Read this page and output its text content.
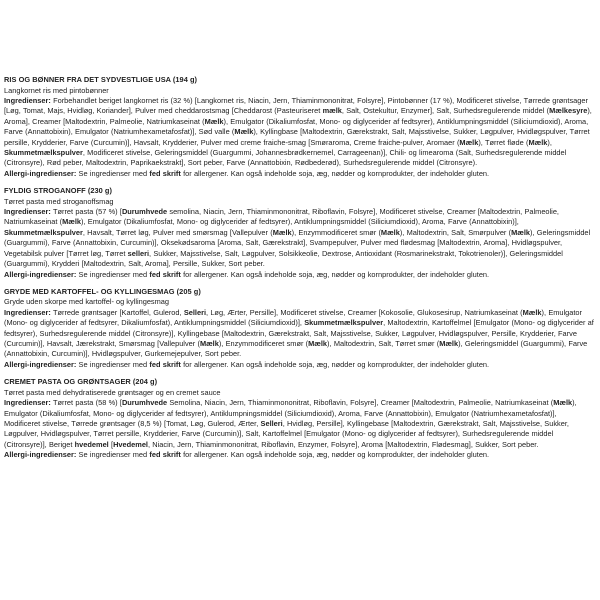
RIS OG BØNNER FRA DET SYDVESTLIGE USA (194 g)
Langkornet ris med pintobønner
Ingredienser: Forbehandlet beriget langkornet ris (32 %) [Langkornet ris, Niacin, Jern, Thiaminmononitrat, Folsyre], Pintobønner (17 %), Modificeret stivelse, Tørrede grøntsager [Løg, Tomat, Majs, Hvidløg, Koriander], Pulver med cheddarostsmag [Cheddarost (Pasteuriseret mælk, Salt, Ostekultur, Enzymer], Salt, Surhedsregulerende middel (Mælkesyre), Aroma], Creamer [Maltodextrin, Palmeolie, Natriumkaseinat (Mælk), Emulgator (Dikaliumfosfat, Mono- og diglycerider af fedtsyrer), Antiklumpningsmiddel (Siliciumdioxid), Aroma, Farve (Annattobixin), Emulgator (Natriumhexametafosfat)], Sød valle (Mælk), Kyllingbase [Maltodextrin, Gærekstrakt, Salt, Majsstivelse, Sukker, Løgpulver, Hvidløgspulver, Tørret persille, Krydderier, Farve (Curcumin)], Havsalt, Krydderier, Pulver med creme fraiche-smag [Smøraroma, Creme fraiche-pulver, Aromaer (Mælk), Tørret fløde (Mælk), Skummetmælkspulver, Modificeret stivelse, Geleringsmiddel (Guargummi, Johannesbrødkernemel, Carrageenan)], Chili- og limearoma (Salt, Surhedsregulerende middel (Citronsyre), Rød peber, Maltodextrin, Paprikaekstrakt], Sort peber, Farve (Annattobixin, Rødbederød), Surhedsregulerende middel (Citronsyre).
Allergi-ingredienser: Se ingredienser med fed skrift for allergener. Kan også indeholde soja, æg, nødder og kornprodukter, der indeholder gluten.
FYLDIG STROGANOFF (230 g)
Tørret pasta med stroganoffsmag
Ingredienser: Tørret pasta (57 %) [Durumhvede semolina, Niacin, Jern, Thiaminmononitrat, Riboflavin, Folsyre], Modificeret stivelse, Creamer [Maltodextrin, Palmeolie, Natriumkaseinat (Mælk), Emulgator (Dikaliumfosfat, Mono- og diglycerider af fedtsyrer), Antiklumpningsmiddel (Siliciumdioxid), Aroma, Farve (Annattobixin)], Skummetmælkspulver, Havsalt, Tørret løg, Pulver med smørsmag [Vallepulver (Mælk), Enzymmodificeret smør (Mælk), Maltodextrin, Salt, Smørpulver (Mælk), Geleringsmiddel (Guargummi), Farve (Annattobixin, Curcumin)], Oksekødsaroma [Aroma, Salt, Gærekstrakt], Svampepulver, Pulver med flødesmag [Maltodextrin, Aroma], Hvidløgspulver, Vegetabilsk pulver [Tørret løg, Tørret selleri, Sukker, Majsstivelse, Salt, Løgpulver, Solsikkeolie, Dextrose, Antioxidant (Rosmarinekstrakt, Tokotrienoler)], Geleringsmiddel (Guargummi), Krydderi [Maltodextrin, Salt, Aroma], Persille, Sukker, Sort peber.
Allergi-ingredienser: Se ingredienser med fed skrift for allergener. Kan også indeholde soja, æg, nødder og kornprodukter, der indeholder gluten.
GRYDE MED KARTOFFEL- OG KYLLINGESMAG (205 g)
Gryde uden skorpe med kartoffel- og kyllingesmag
Ingredienser: Tørrede grøntsager [Kartoffel, Gulerod, Selleri, Løg, Ærter, Persille], Modificeret stivelse, Creamer [Kokosolie, Glukosesirup, Natriumkaseinat (Mælk), Emulgator (Mono- og diglycerider af fedtsyrer, Dikaliumfosfat), Antiklumpningsmiddel (Siliciumdioxid)], Skummetmælkspulver, Maltodextrin, Kartoffelmel [Emulgator (Mono- og diglycerider af fedtsyrer), Surhedsregulerende middel (Citronsyre)], Kyllingebase [Maltodextrin, Gærekstrakt, Salt, Majsstivelse, Sukker, Løgpulver, Hvidløgspulver, Persille, Krydderier, Farve (Curcumin)], Havsalt, Jærekstrakt, Smørsmag [Vallepulver (Mælk), Enzymmodificeret smør (Mælk), Maltodextrin, Salt, Tørret smør (Mælk), Geleringsmiddel (Guargummi), Farve (Annattobixin, Curcumin)], Hvidløgspulver, Gurkemejepulver, Sort peber.
Allergi-ingredienser: Se ingredienser med fed skrift for allergener. Kan også indeholde soja, æg, nødder og kornprodukter, der indeholder gluten.
CREMET PASTA OG GRØNTSAGER (204 g)
Tørret pasta med dehydratiserede grøntsager og en cremet sauce
Ingredienser: Tørret pasta (58 %) [Durumhvede Semolina, Niacin, Jern, Thiaminmononitrat, Riboflavin, Folsyre], Creamer [Maltodextrin, Palmeolie, Natriumkaseinat (Mælk), Emulgator (Dikaliumfosfat, Mono- og diglycerider af fedtsyrer), Antiklumpningsmiddel (Siliciumdioxid), Aroma, Farve (Annattobixin), Emulgator (Natriumhexametafosfat)], Modificeret stivelse, Tørrede grøntsager (8,5 %) [Tomat, Løg, Gulerod, Ærter, Selleri, Hvidløg, Persille], Kyllingebase [Maltodextrin, Gærekstrakt, Salt, Majsstivelse, Sukker, Løgpulver, Hvidløgspulver, Tørret persille, Krydderier, Farve (Curcumin)], Salt, Kartoffelmel [Emulgator (Mono- og diglycerider af fedtsyrer), Surhedsregulerende middel (Citronsyre)], Beriget hvedemel [Hvedemel, Niacin, Jern, Thiaminmononitrat, Riboflavin, Enzymer, Folsyre], Aroma [Maltodextrin, Flødesmag], Sukker, Sort peber.
Allergi-ingredienser: Se ingredienser med fed skrift for allergener. Kan også indeholde soja, æg, nødder og kornprodukter, der indeholder gluten.
